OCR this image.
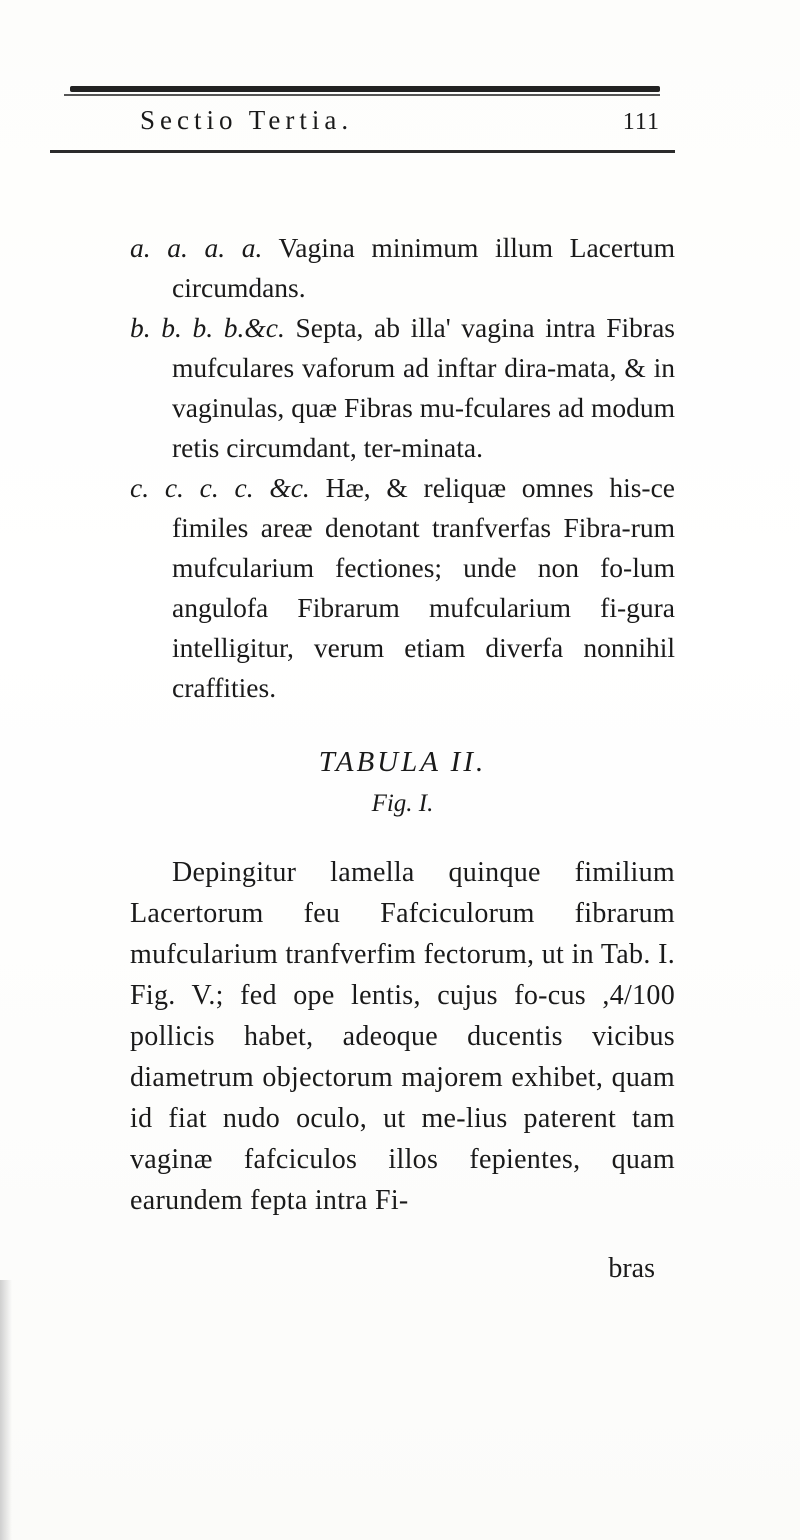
Sectio Tertia.	111

a. a. a. a. Vagina minimum illum Lacertum circumdans.

b. b. b. b.&c. Septa, ab illa' vagina intra Fibras mufculares vaforum ad inftar dira-mata, & in vaginulas, quæ Fibras mu-fculares ad modum retis circumdant, ter-minata.

c. c. c. c. &c. Hæ, & reliquæ omnes his-ce fimiles areæ denotant tranfverfas Fibra-rum mufcularium fectiones; unde non fo-lum angulofa Fibrarum mufcularium fi-gura intelligitur, verum etiam diverfa nonnihil craffities.

TABULA II.
Fig. I.

Depingitur lamella quinque fimilium Lacertorum feu Fafciculorum fibrarum mufcularium tranfverfim fectorum, ut in Tab. I. Fig. V.; fed ope lentis, cujus fo-cus ,4/100 pollicis habet, adeoque ducentis vicibus diametrum objectorum majorem exhibet, quam id fiat nudo oculo, ut me-lius paterent tam vaginæ fafciculos illos fepientes, quam earundem fepta intra Fi-

bras
